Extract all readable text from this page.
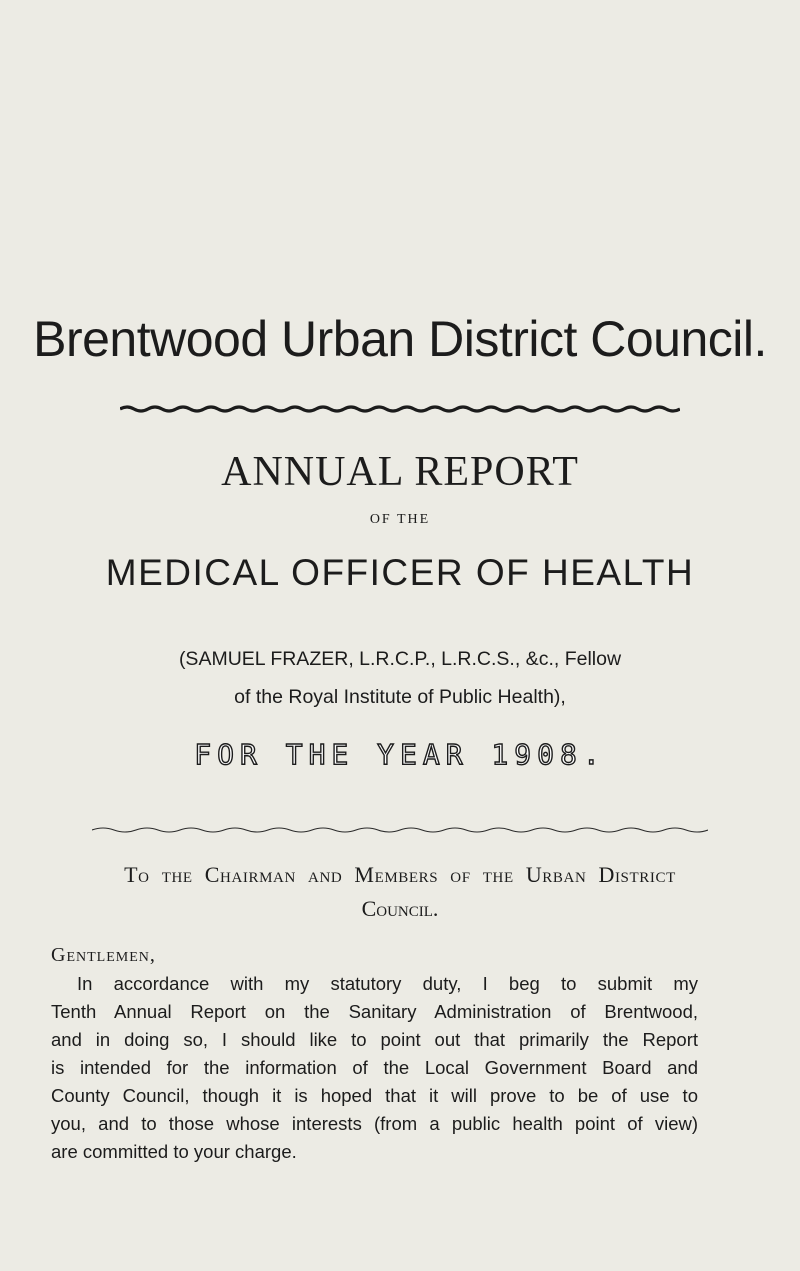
Brentwood Urban District Council.
ANNUAL REPORT
OF THE
MEDICAL OFFICER OF HEALTH
(SAMUEL FRAZER, L.R.C.P., L.R.C.S., &c., Fellow
of the Royal Institute of Public Health),
FOR THE YEAR 1908.
To the Chairman and Members of the Urban District
Council.
Gentlemen,
In accordance with my statutory duty, I beg to submit my
Tenth Annual Report on the Sanitary Administration of Brentwood,
and in doing so, I should like to point out that primarily the Report
is intended for the information of the Local Government Board and
County Council, though it is hoped that it will prove to be of use to
you, and to those whose interests (from a public health point of view)
are committed to your charge.
